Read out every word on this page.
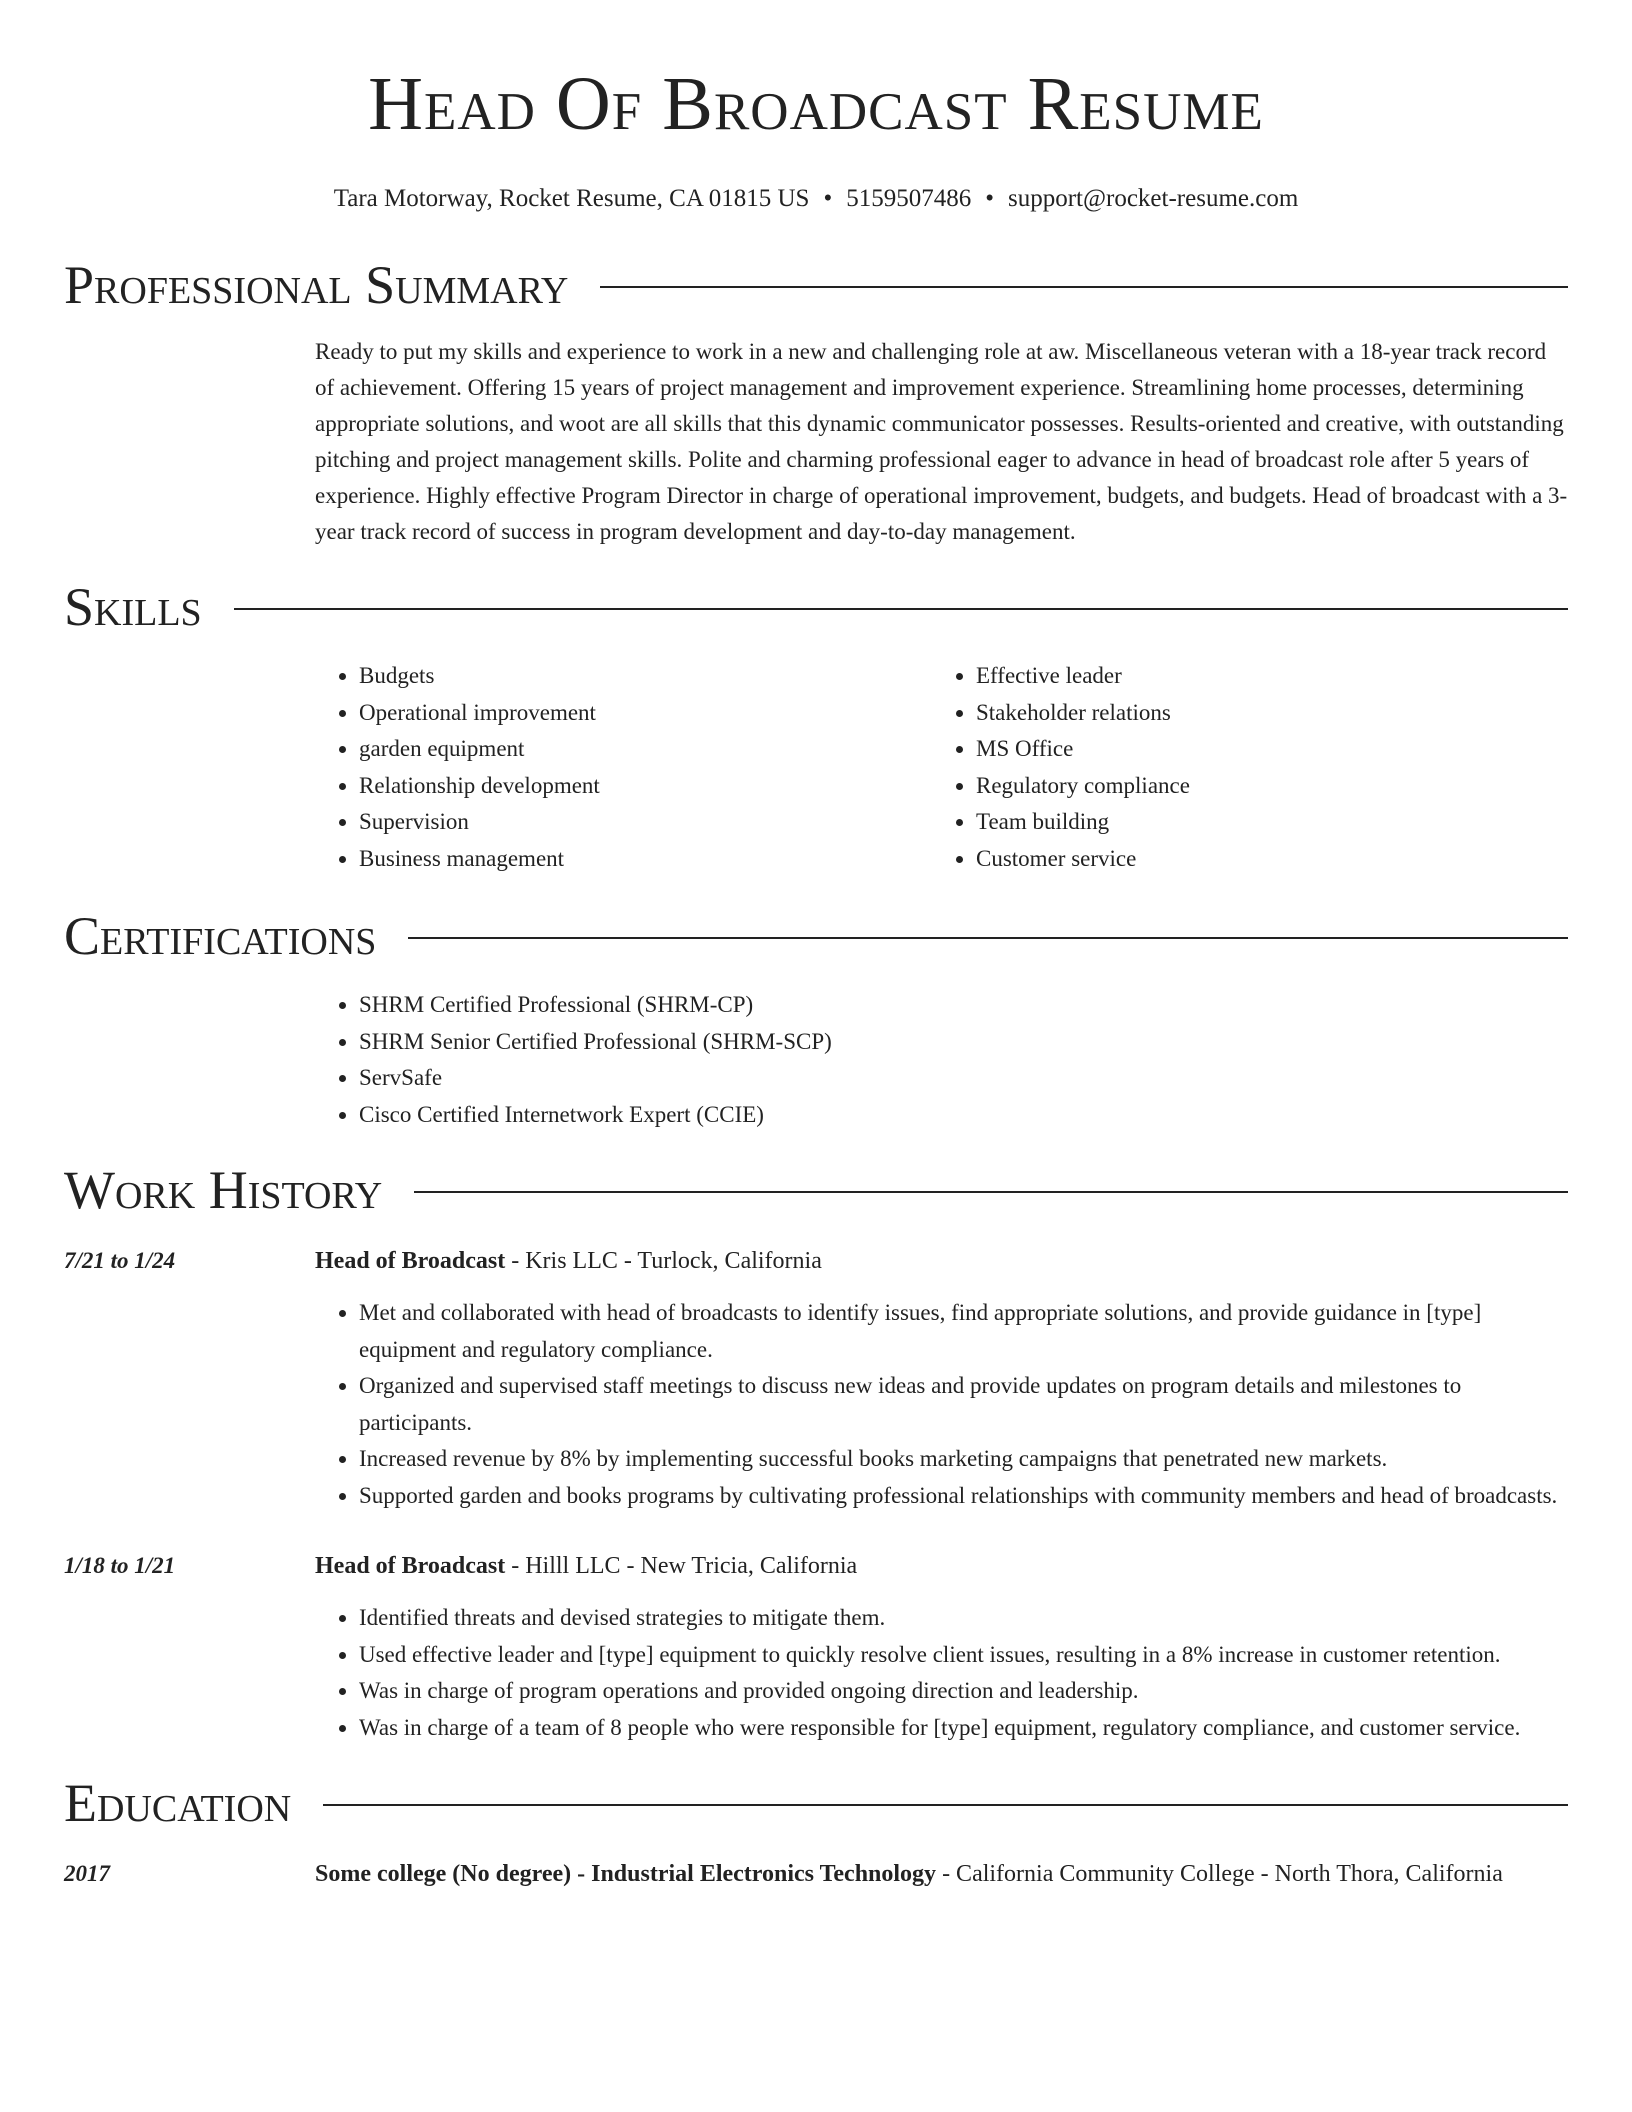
Head Of Broadcast Resume
Tara Motorway, Rocket Resume, CA 01815 US • 5159507486 • support@rocket-resume.com
Professional Summary

Ready to put my skills and experience to work in a new and challenging role at aw. Miscellaneous veteran with a 18-year track record of achievement. Offering 15 years of project management and improvement experience. Streamlining home processes, determining appropriate solutions, and woot are all skills that this dynamic communicator possesses. Results-oriented and creative, with outstanding pitching and project management skills. Polite and charming professional eager to advance in head of broadcast role after 5 years of experience. Highly effective Program Director in charge of operational improvement, budgets, and budgets. Head of broadcast with a 3-year track record of success in program development and day-to-day management.

Skills
• Budgets
• Operational improvement
• garden equipment
• Relationship development
• Supervision
• Business management
• Effective leader
• Stakeholder relations
• MS Office
• Regulatory compliance
• Team building
• Customer service
Certifications
• SHRM Certified Professional (SHRM-CP)
• SHRM Senior Certified Professional (SHRM-SCP)
• ServSafe
• Cisco Certified Internetwork Expert (CCIE)
Work History
7/21 to 1/24	Head of Broadcast - Kris LLC - Turlock, California
• Met and collaborated with head of broadcasts to identify issues, find appropriate solutions, and provide guidance in [type] equipment and regulatory compliance.
• Organized and supervised staff meetings to discuss new ideas and provide updates on program details and milestones to participants.
• Increased revenue by 8% by implementing successful books marketing campaigns that penetrated new markets.
• Supported garden and books programs by cultivating professional relationships with community members and head of broadcasts.
1/18 to 1/21	Head of Broadcast - Hilll LLC - New Tricia, California
• Identified threats and devised strategies to mitigate them.
• Used effective leader and [type] equipment to quickly resolve client issues, resulting in a 8% increase in customer retention.
• Was in charge of program operations and provided ongoing direction and leadership.
• Was in charge of a team of 8 people who were responsible for [type] equipment, regulatory compliance, and customer service.
Education
2017	Some college (No degree) - Industrial Electronics Technology - California Community College - North Thora, California
